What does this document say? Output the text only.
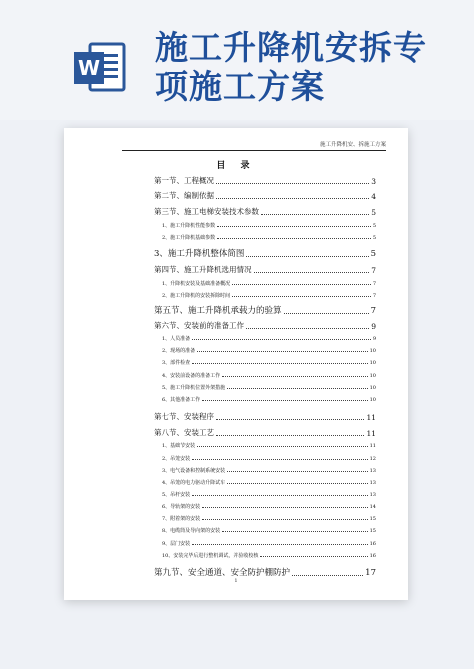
W
施工升降机安拆专项施工方案
施工升降机安、拆施工方案
目 录
第一节、工程概况	3
第二节、编制依据	4
第三节、施工电梯安装技术参数	5
1、施工升降机性能参数	5
2、施工升降机基础参数	5
3、施工升降机整体简图	5
第四节、施工升降机选用情况	7
1、升降机安装及基础准备概况	7
2、施工升降机的安装拆除时间	7
第五节、施工升降机承载力的验算	7
第六节、安装前的准备工作	9
1、人员准备	9
2、现场的准备	10
3、部件检查	10
4、安装前设备的准备工作	10
5、施工升降机位置外架措施	10
6、其他准备工作	10
第七节、安装程序	11
第八节、安装工艺	11
1、基础节安装	11
2、吊笼安装	12
3、电气设备和控制系统安装	13
4、吊笼的电力驱动升降试车	13
5、吊杆安装	13
6、导轨架的安装	14
7、附着架的安装	15
8、电缆筒及导向架的安装	15
9、层门安装	16
10、安装完毕后进行整机调试，并验收校核	16
第九节、安全通道、安全防护棚防护	17
1
